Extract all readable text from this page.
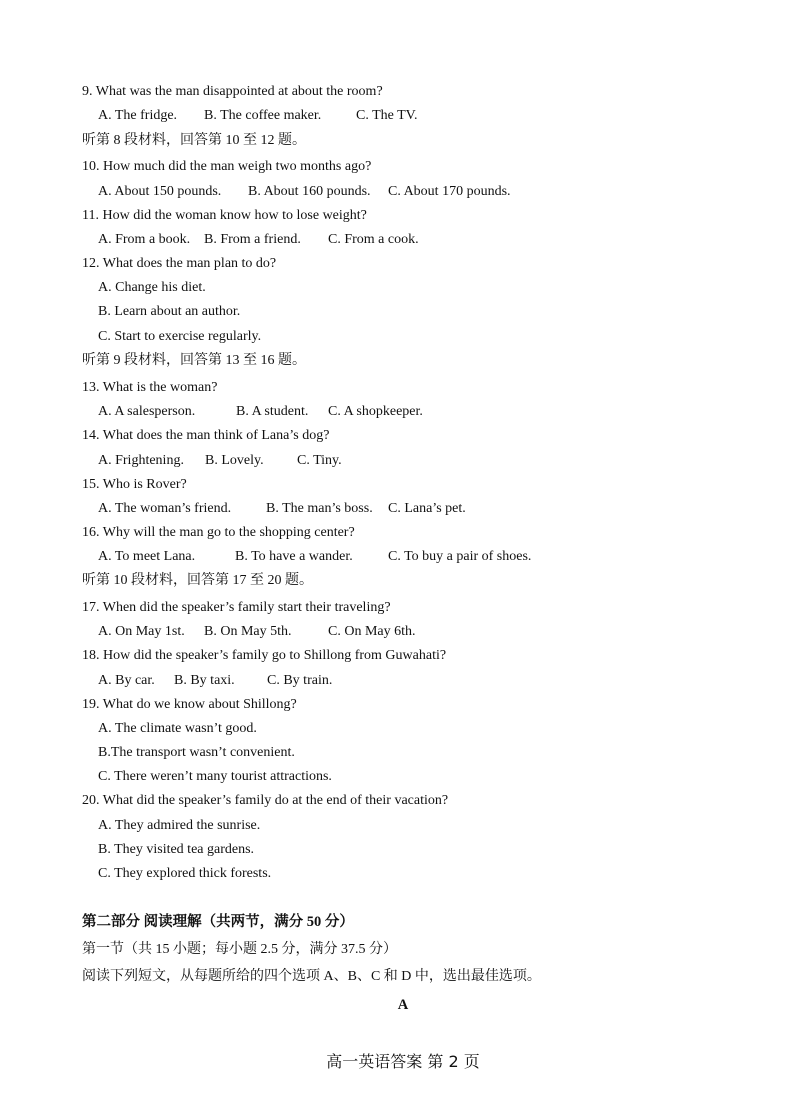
9. What was the man disappointed at about the room?
A. The fridge. B. The coffee maker. C. The TV.
听第 8 段材料，回答第 10 至 12 题。
10. How much did the man weigh two months ago?
A. About 150 pounds. B. About 160 pounds. C. About 170 pounds.
11. How did the woman know how to lose weight?
A. From a book. B. From a friend. C. From a cook.
12. What does the man plan to do?
A. Change his diet.
B. Learn about an author.
C. Start to exercise regularly.
听第 9 段材料，回答第 13 至 16 题。
13. What is the woman?
A. A salesperson.	B. A student. C. A shopkeeper.
14. What does the man think of Lana’s dog?
A. Frightening. B. Lovely. C. Tiny.
15. Who is Rover?
A. The woman’s friend. B. The man’s boss. C. Lana’s pet.
16. Why will the man go to the shopping center?
A. To meet Lana.	B. To have a wander.	C. To buy a pair of shoes.
听第 10 段材料，回答第 17 至 20 题。
17. When did the speaker’s family start their traveling?
A. On May 1st. B. On May 5th.	C. On May 6th.
18. How did the speaker’s family go to Shillong from Guwahati?
A. By car. B. By taxi. C. By train.
19. What do we know about Shillong?
A. The climate wasn’t good.
B.The transport wasn’t convenient.
C. There weren’t many tourist attractions.
20. What did the speaker’s family do at the end of their vacation?
A. They admired the sunrise.
B. They visited tea gardens.
C. They explored thick forests.
第二部分 阅读理解（共两节，满分 50 分）
第一节（共 15 小题；每小题 2.5 分，满分 37.5 分）
阅读下列短文，从每题所给的四个选项 A、B、C 和 D 中，选出最佳选项。
A
高一英语答案 第 2 页
